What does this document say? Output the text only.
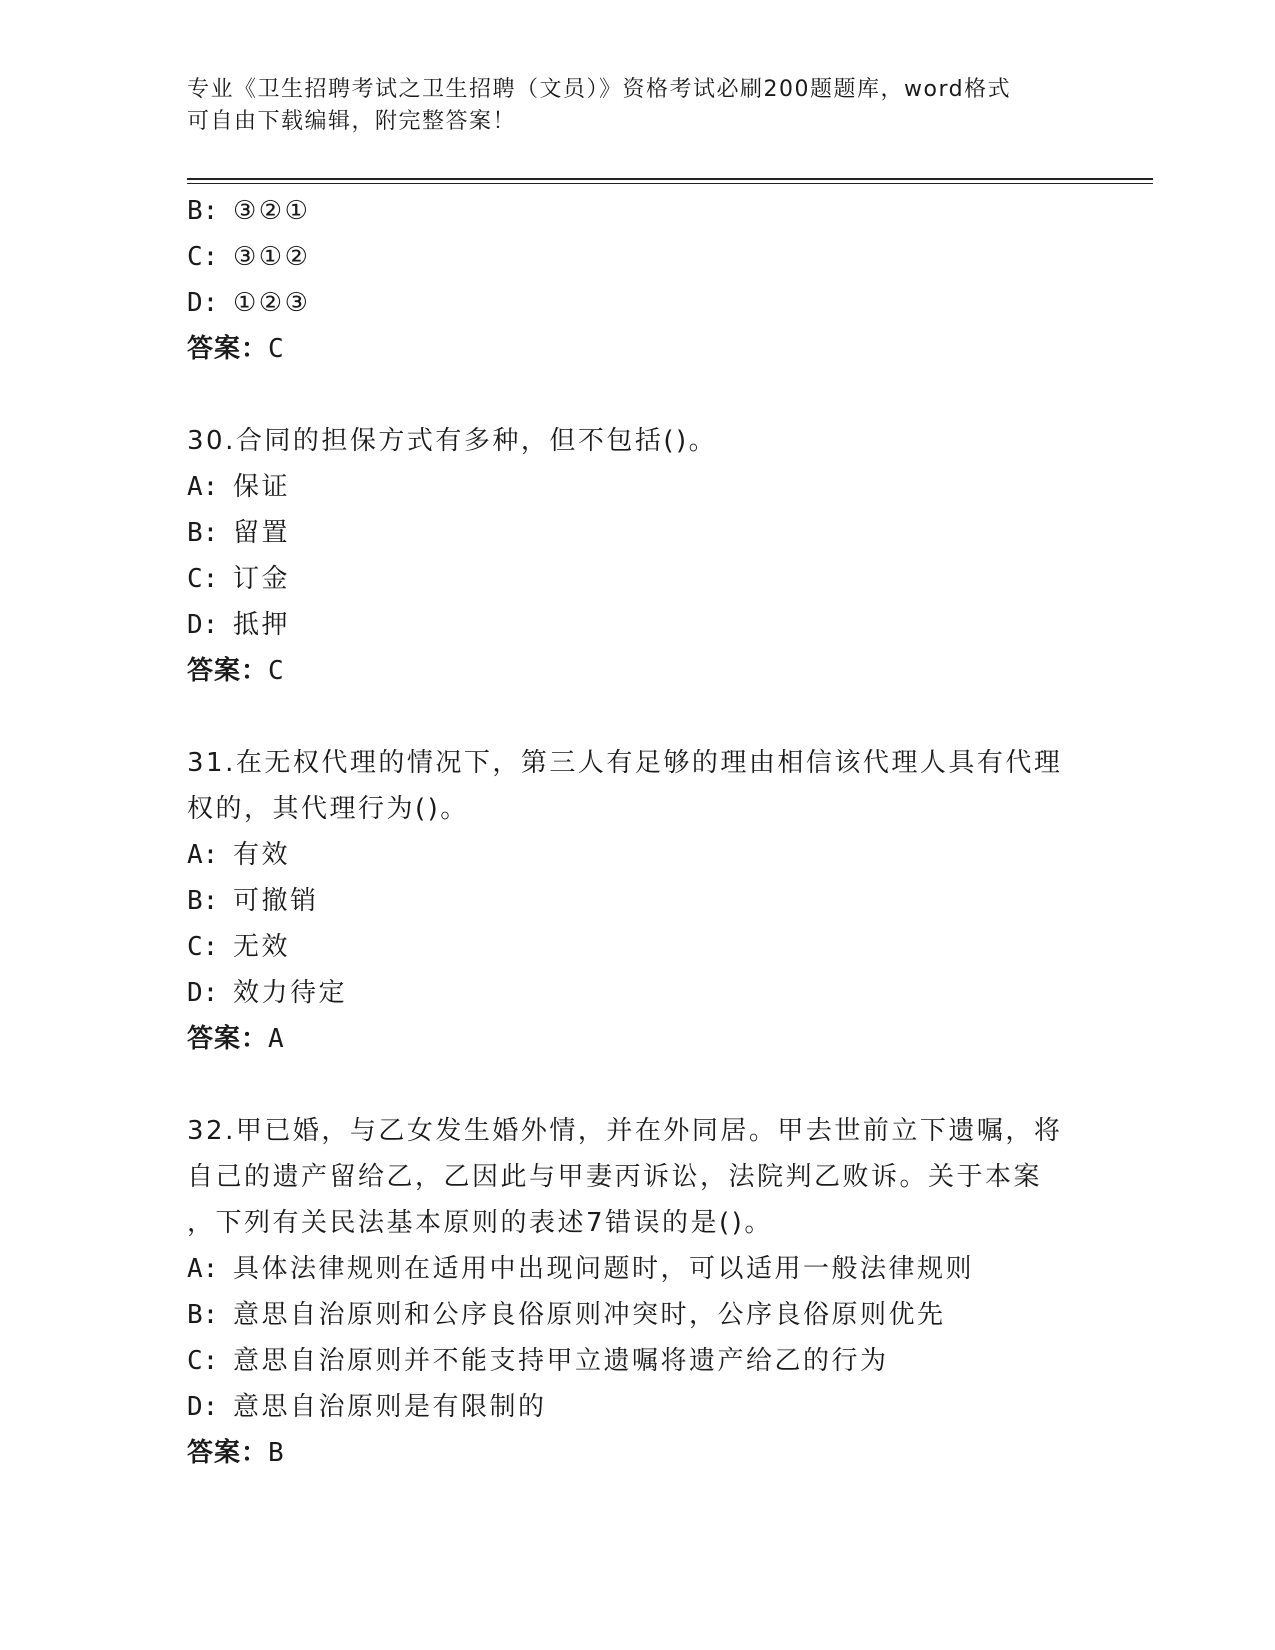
专业《卫生招聘考试之卫生招聘（文员）》资格考试必刷200题题库，word格式
可自由下载编辑，附完整答案！
B: ③②①
C: ③①②
D: ①②③
答案：C
30.合同的担保方式有多种，但不包括()。
A: 保证
B: 留置
C: 订金
D: 抵押
答案：C
31.在无权代理的情况下，第三人有足够的理由相信该代理人具有代理
权的，其代理行为()。
A: 有效
B: 可撤销
C: 无效
D: 效力待定
答案：A
32.甲已婚，与乙女发生婚外情，并在外同居。甲去世前立下遗嘱，将
自己的遗产留给乙，乙因此与甲妻丙诉讼，法院判乙败诉。关于本案
，下列有关民法基本原则的表述7错误的是()。
A: 具体法律规则在适用中出现问题时，可以适用一般法律规则
B: 意思自治原则和公序良俗原则冲突时，公序良俗原则优先
C: 意思自治原则并不能支持甲立遗嘱将遗产给乙的行为
D: 意思自治原则是有限制的
答案：B
